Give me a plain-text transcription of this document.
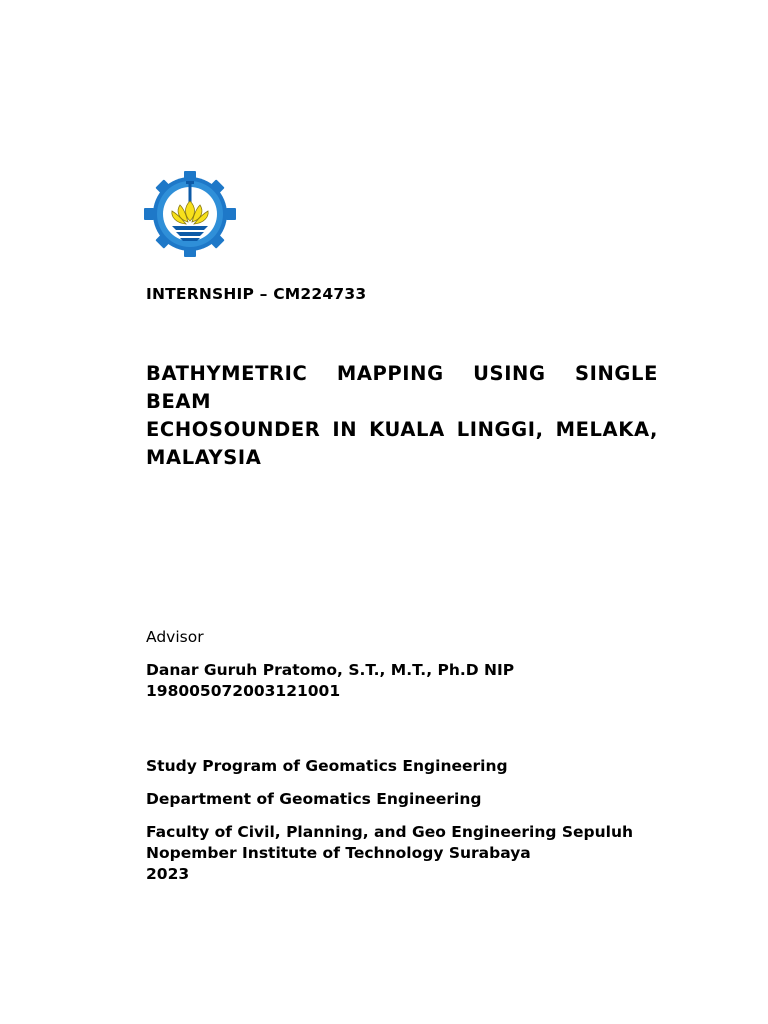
INTERNSHIP – CM224733
BATHYMETRIC MAPPING USING SINGLE BEAM
ECHOSOUNDER IN KUALA LINGGI, MELAKA,
MALAYSIA
Advisor
Danar Guruh Pratomo, S.T., M.T., Ph.D NIP
198005072003121001
Study Program of Geomatics Engineering
Department of Geomatics Engineering
Faculty of Civil, Planning, and Geo Engineering Sepuluh
Nopember Institute of Technology Surabaya
2023
